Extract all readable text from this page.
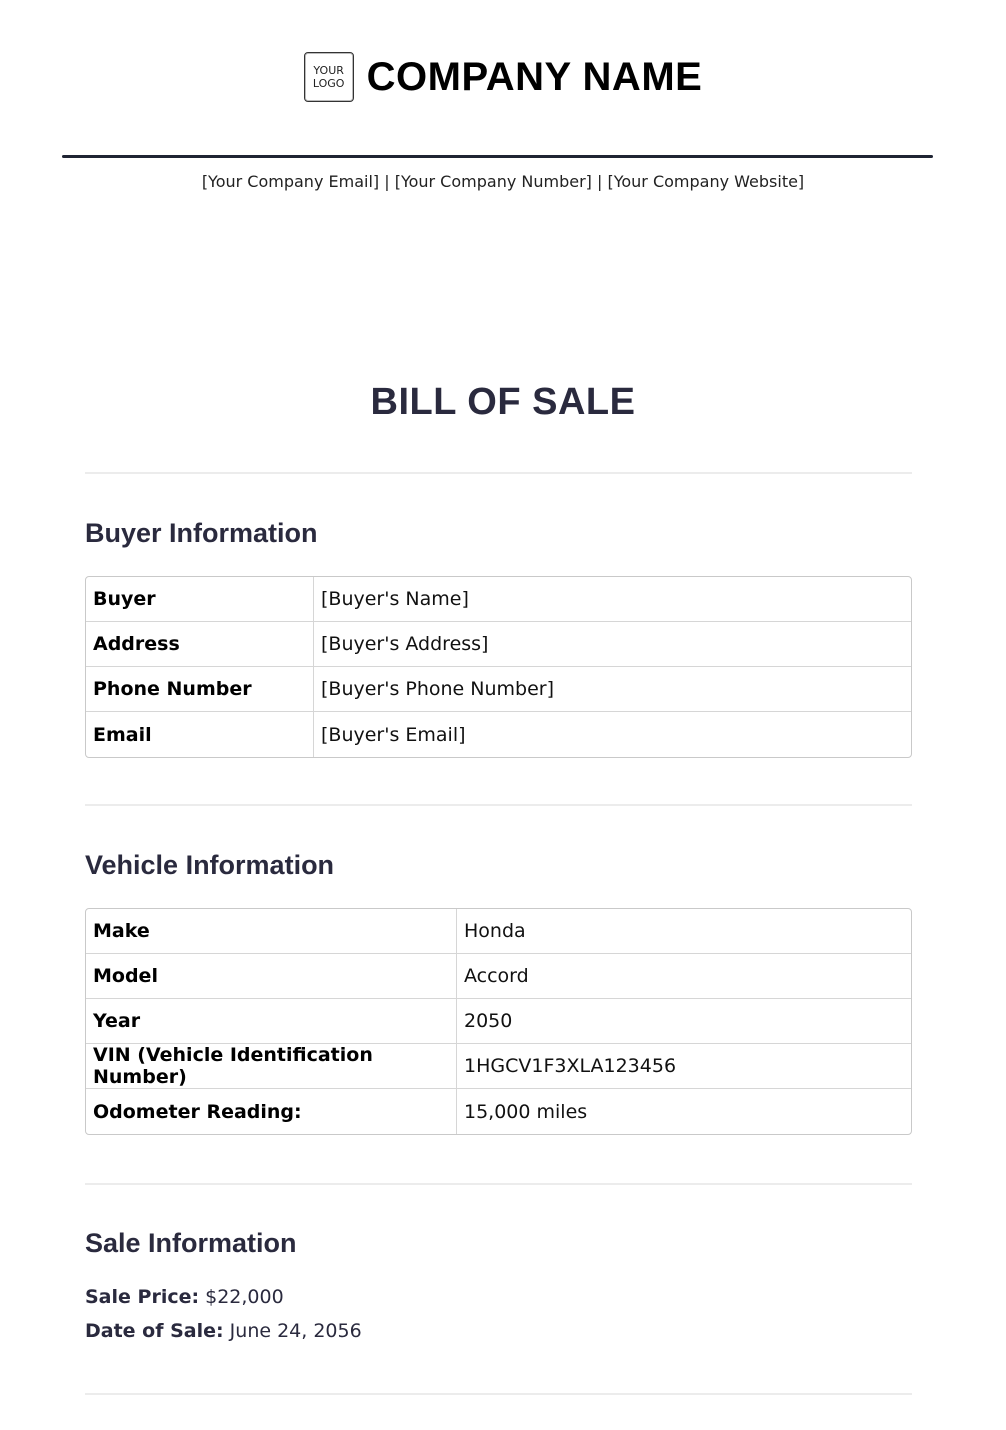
YOUR
LOGO COMPANY NAME
[Your Company Email] | [Your Company Number] | [Your Company Website]
BILL OF SALE
Buyer Information
Buyer	[Buyer's Name]
Address	[Buyer's Address]
Phone Number	[Buyer's Phone Number]
Email	[Buyer's Email]
Vehicle Information
Make	Honda
Model	Accord
Year	2050
VIN (Vehicle Identification Number)	1HGCV1F3XLA123456
Odometer Reading:	15,000 miles
Sale Information
Sale Price: $22,000
Date of Sale: June 24, 2056
